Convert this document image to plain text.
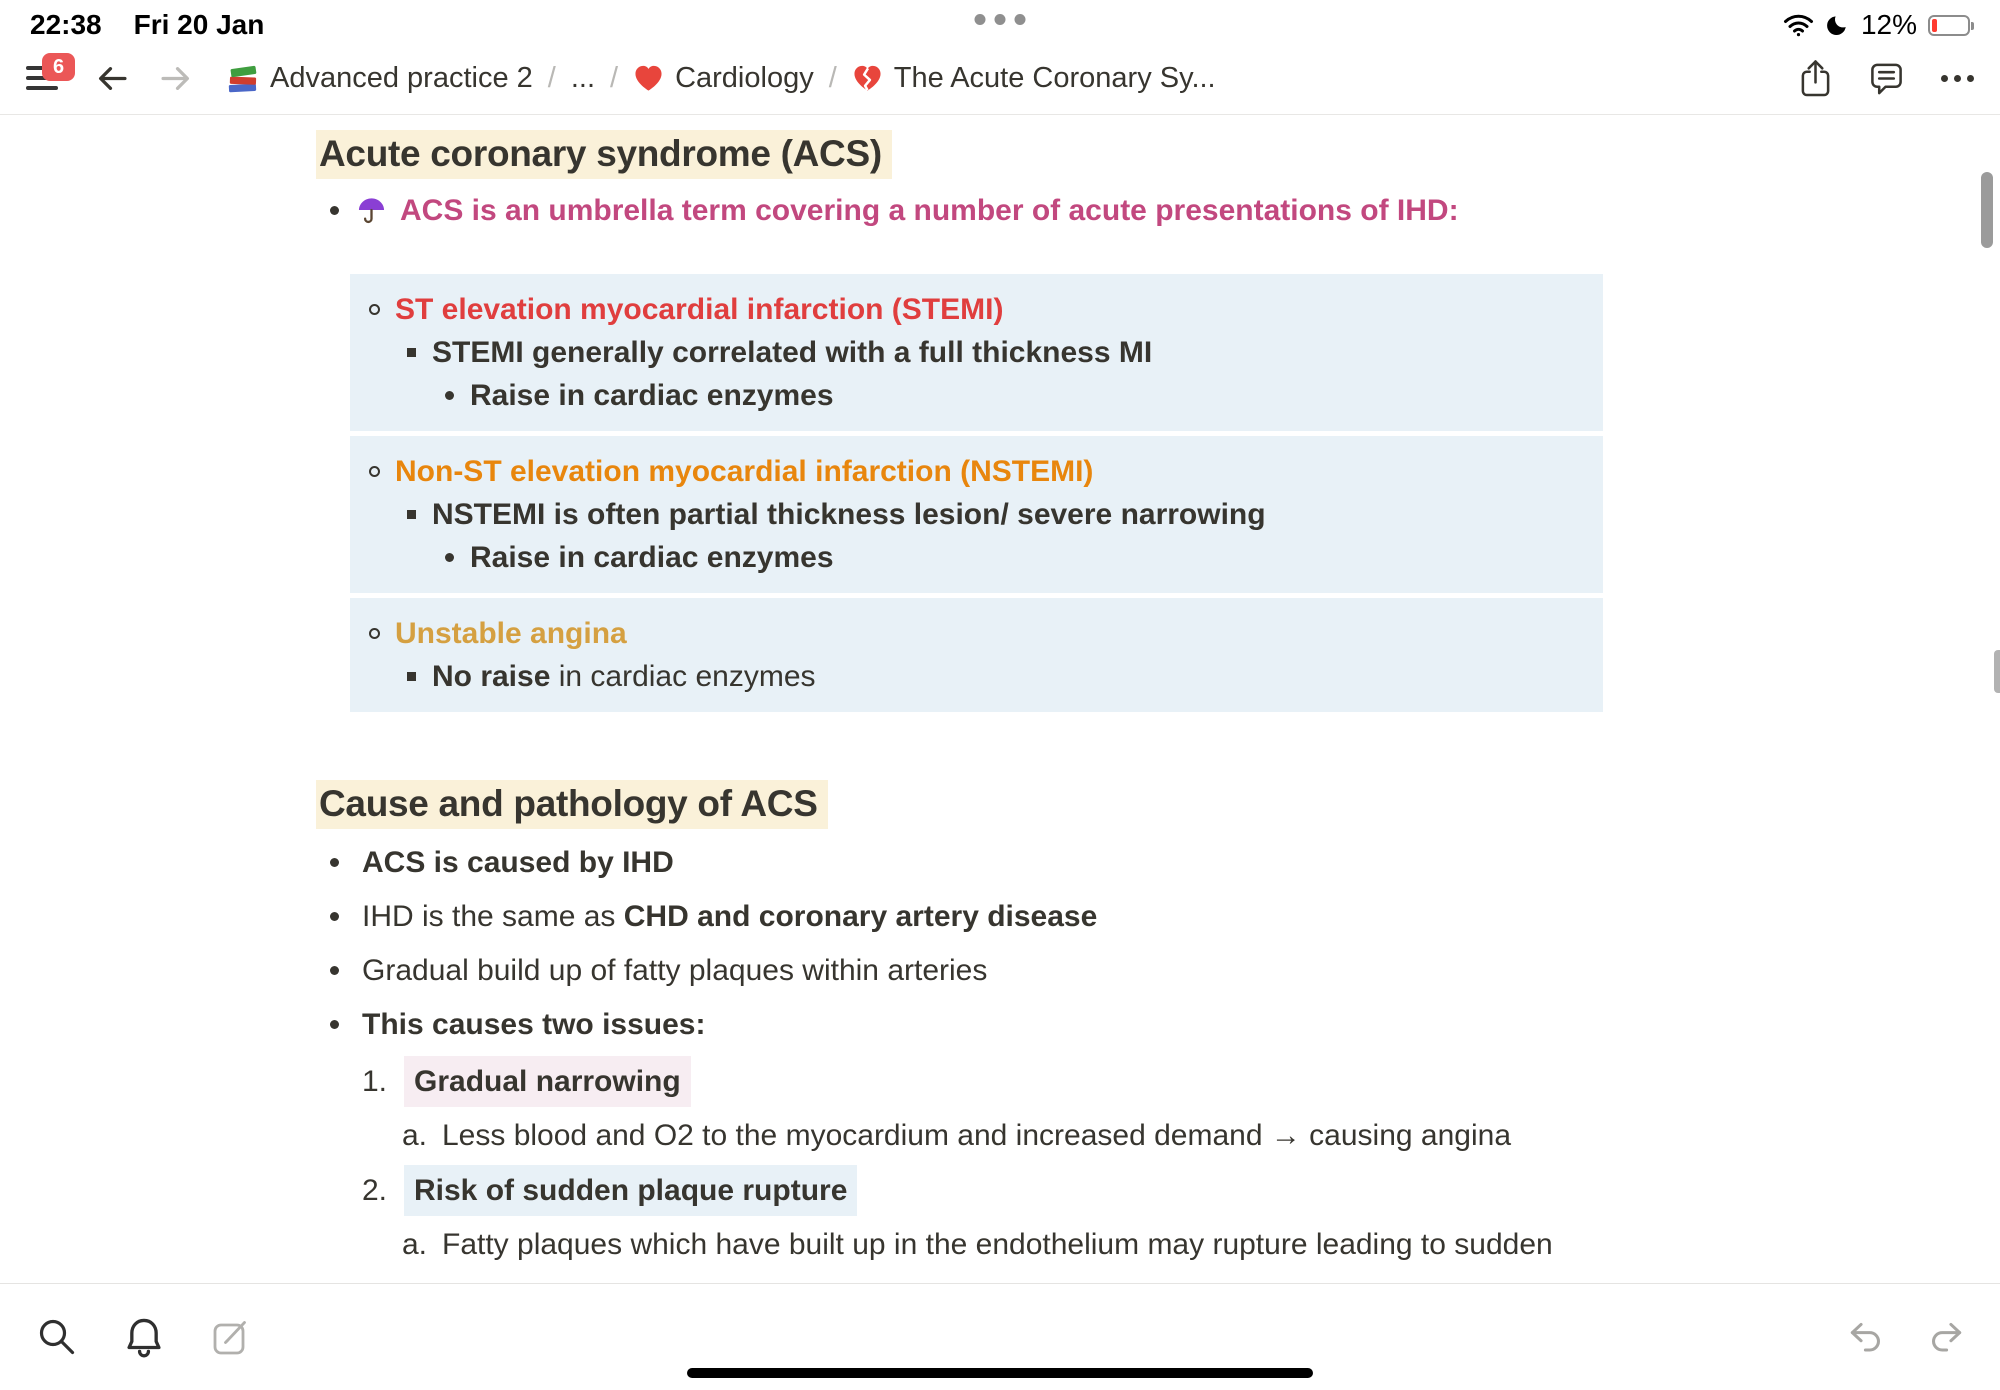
22:38 Fri 20 Jan	12%
6	Advanced practice 2 / ... / Cardiology / The Acute Coronary Sy...
Acute coronary syndrome (ACS)
ACS is an umbrella term covering a number of acute presentations of IHD:
ST elevation myocardial infarction (STEMI)
STEMI generally correlated with a full thickness MI
Raise in cardiac enzymes
Non-ST elevation myocardial infarction (NSTEMI)
NSTEMI is often partial thickness lesion/ severe narrowing
Raise in cardiac enzymes
Unstable angina
No raise in cardiac enzymes
Cause and pathology of ACS
ACS is caused by IHD
IHD is the same as CHD and coronary artery disease
Gradual build up of fatty plaques within arteries
This causes two issues:
1. Gradual narrowing
a. Less blood and O2 to the myocardium and increased demand → causing angina
2. Risk of sudden plaque rupture
a. Fatty plaques which have built up in the endothelium may rupture leading to sudden
